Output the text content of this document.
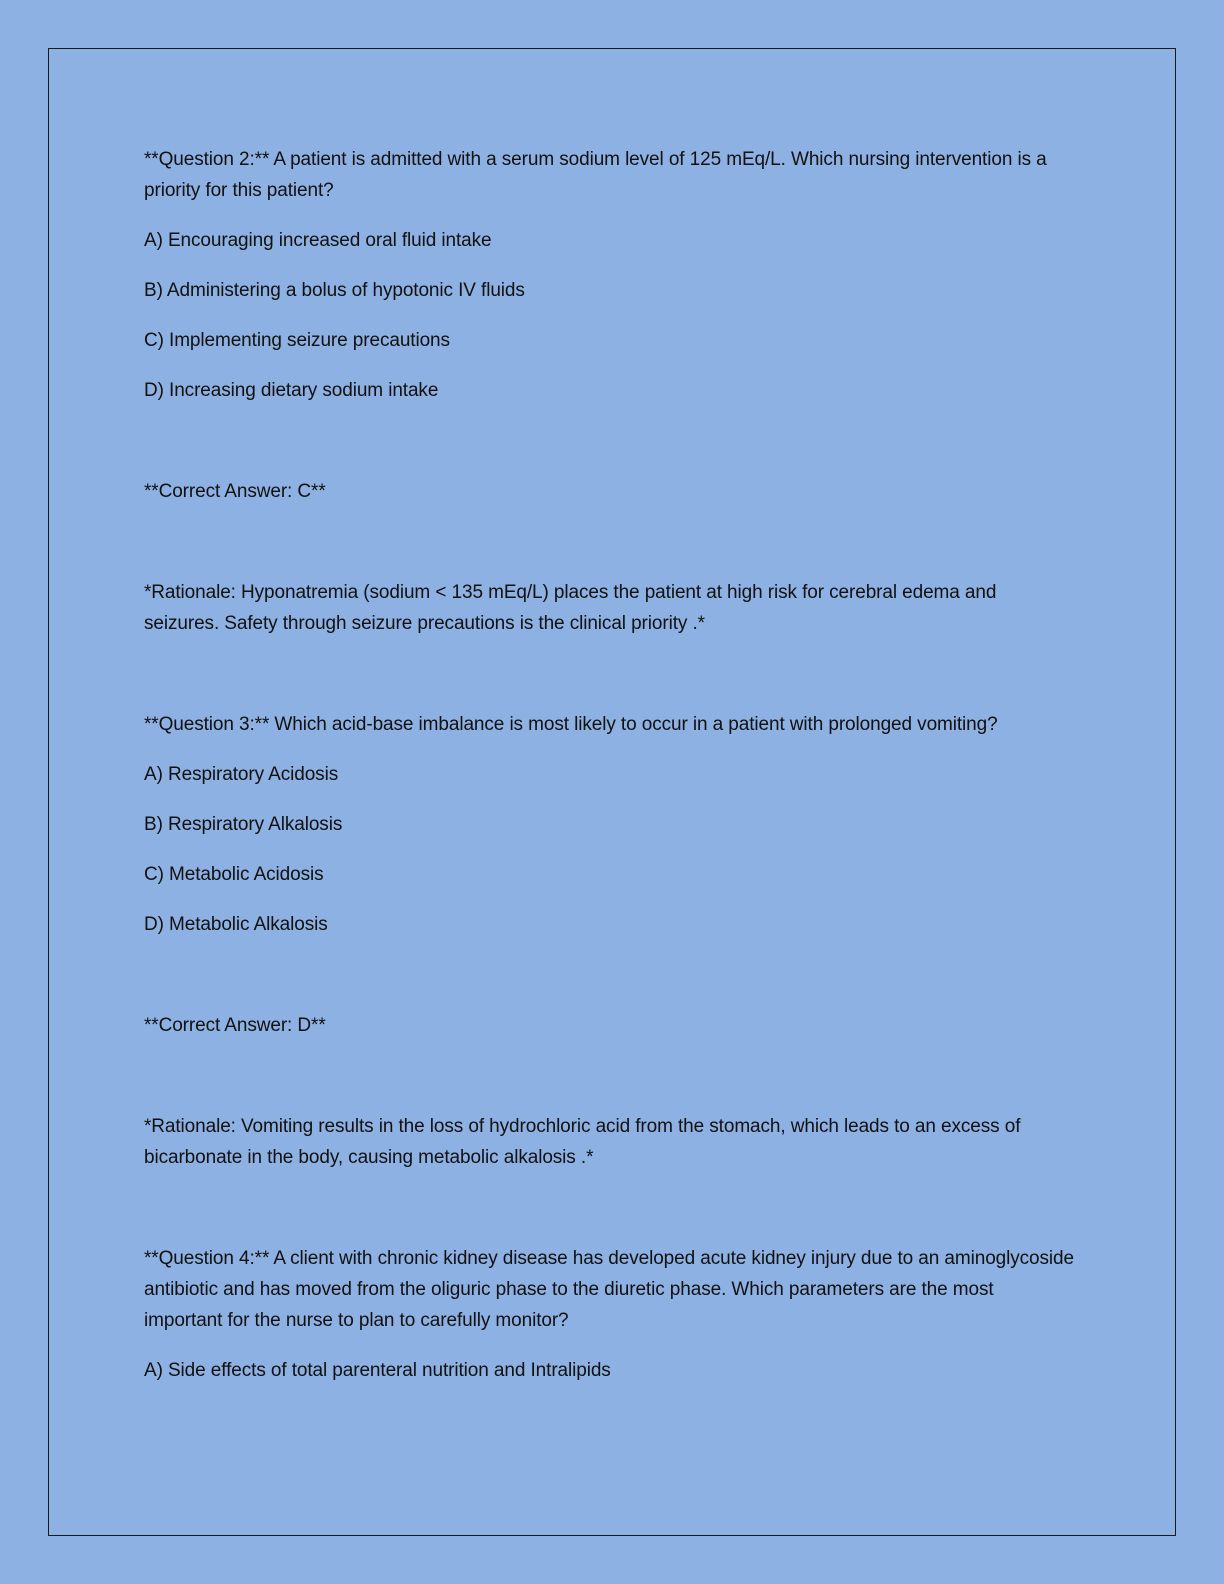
**Question 2:** A patient is admitted with a serum sodium level of 125 mEq/L. Which nursing intervention is a priority for this patient?

A) Encouraging increased oral fluid intake

B) Administering a bolus of hypotonic IV fluids

C) Implementing seizure precautions

D) Increasing dietary sodium intake

**Correct Answer: C**

*Rationale: Hyponatremia (sodium < 135 mEq/L) places the patient at high risk for cerebral edema and seizures. Safety through seizure precautions is the clinical priority .*

**Question 3:** Which acid-base imbalance is most likely to occur in a patient with prolonged vomiting?

A) Respiratory Acidosis

B) Respiratory Alkalosis

C) Metabolic Acidosis

D) Metabolic Alkalosis

**Correct Answer: D**

*Rationale: Vomiting results in the loss of hydrochloric acid from the stomach, which leads to an excess of bicarbonate in the body, causing metabolic alkalosis .*

**Question 4:** A client with chronic kidney disease has developed acute kidney injury due to an aminoglycoside antibiotic and has moved from the oliguric phase to the diuretic phase. Which parameters are the most important for the nurse to plan to carefully monitor?

A) Side effects of total parenteral nutrition and Intralipids
